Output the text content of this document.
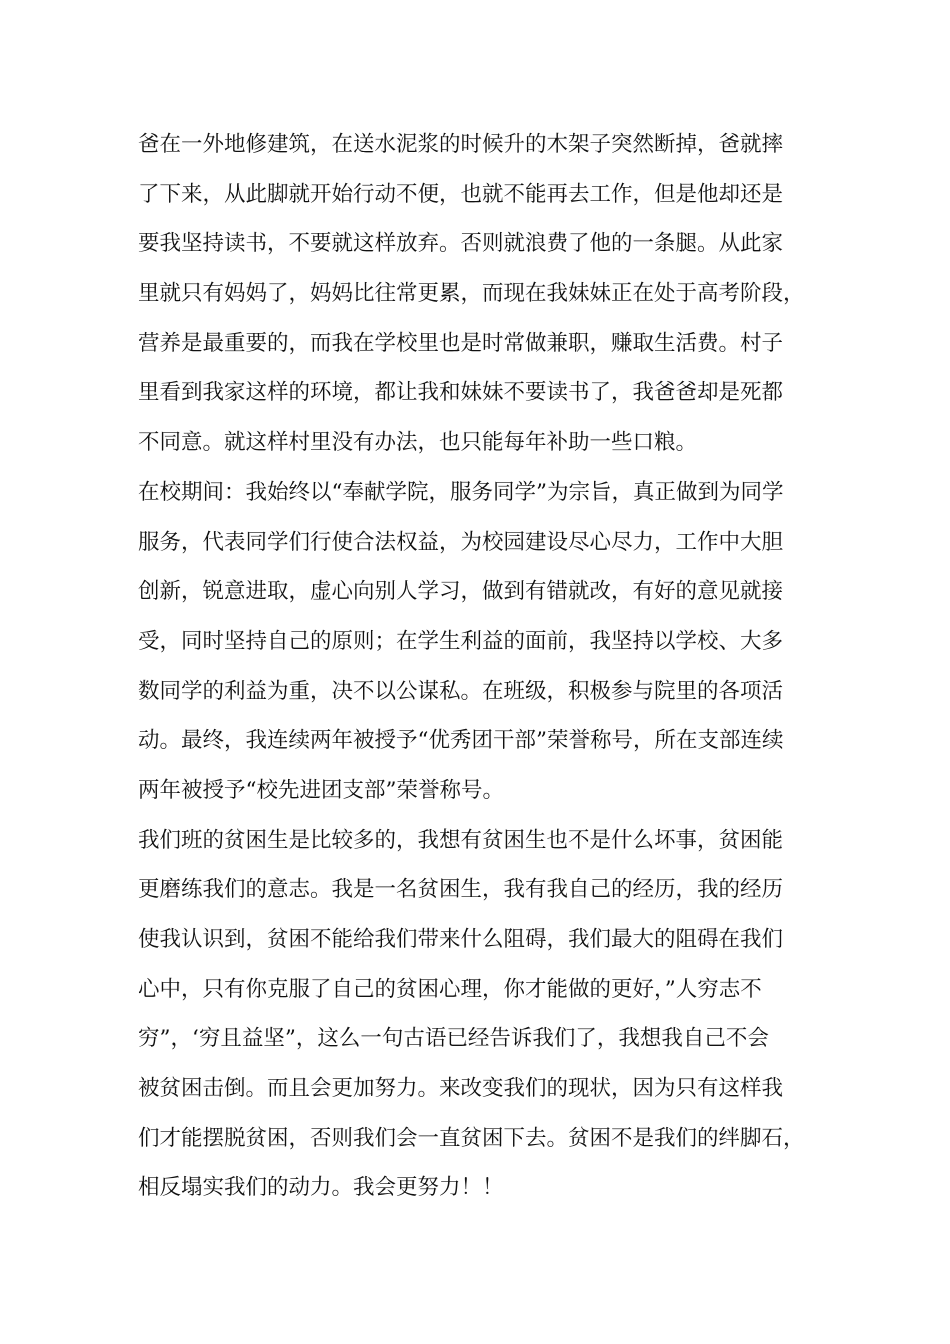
爸在一外地修建筑，在送水泥浆的时候升的木架子突然断掉，爸就摔
了下来，从此脚就开始行动不便，也就不能再去工作，但是他却还是
要我坚持读书，不要就这样放弃。否则就浪费了他的一条腿。从此家
里就只有妈妈了，妈妈比往常更累，而现在我妹妹正在处于高考阶段，
营养是最重要的，而我在学校里也是时常做兼职，赚取生活费。村子
里看到我家这样的环境，都让我和妹妹不要读书了，我爸爸却是死都
不同意。就这样村里没有办法，也只能每年补助一些口粮。
在校期间：我始终以“奉献学院，服务同学”为宗旨，真正做到为同学
服务，代表同学们行使合法权益，为校园建设尽心尽力，工作中大胆
创新，锐意进取，虚心向别人学习，做到有错就改，有好的意见就接
受，同时坚持自己的原则；在学生利益的面前，我坚持以学校、大多
数同学的利益为重，决不以公谋私。在班级，积极参与院里的各项活
动。最终，我连续两年被授予“优秀团干部”荣誉称号，所在支部连续
两年被授予“校先进团支部”荣誉称号。
我们班的贫困生是比较多的，我想有贫困生也不是什么坏事，贫困能
更磨练我们的意志。我是一名贫困生，我有我自己的经历，我的经历
使我认识到，贫困不能给我们带来什么阻碍，我们最大的阻碍在我们
心中，只有你克服了自己的贫困心理，你才能做的更好，”人穷志不
穷”，‘穷且益坚”，这么一句古语已经告诉我们了，我想我自己不会
被贫困击倒。而且会更加努力。来改变我们的现状，因为只有这样我
们才能摆脱贫困，否则我们会一直贫困下去。贫困不是我们的绊脚石，
相反塌实我们的动力。我会更努力！！
